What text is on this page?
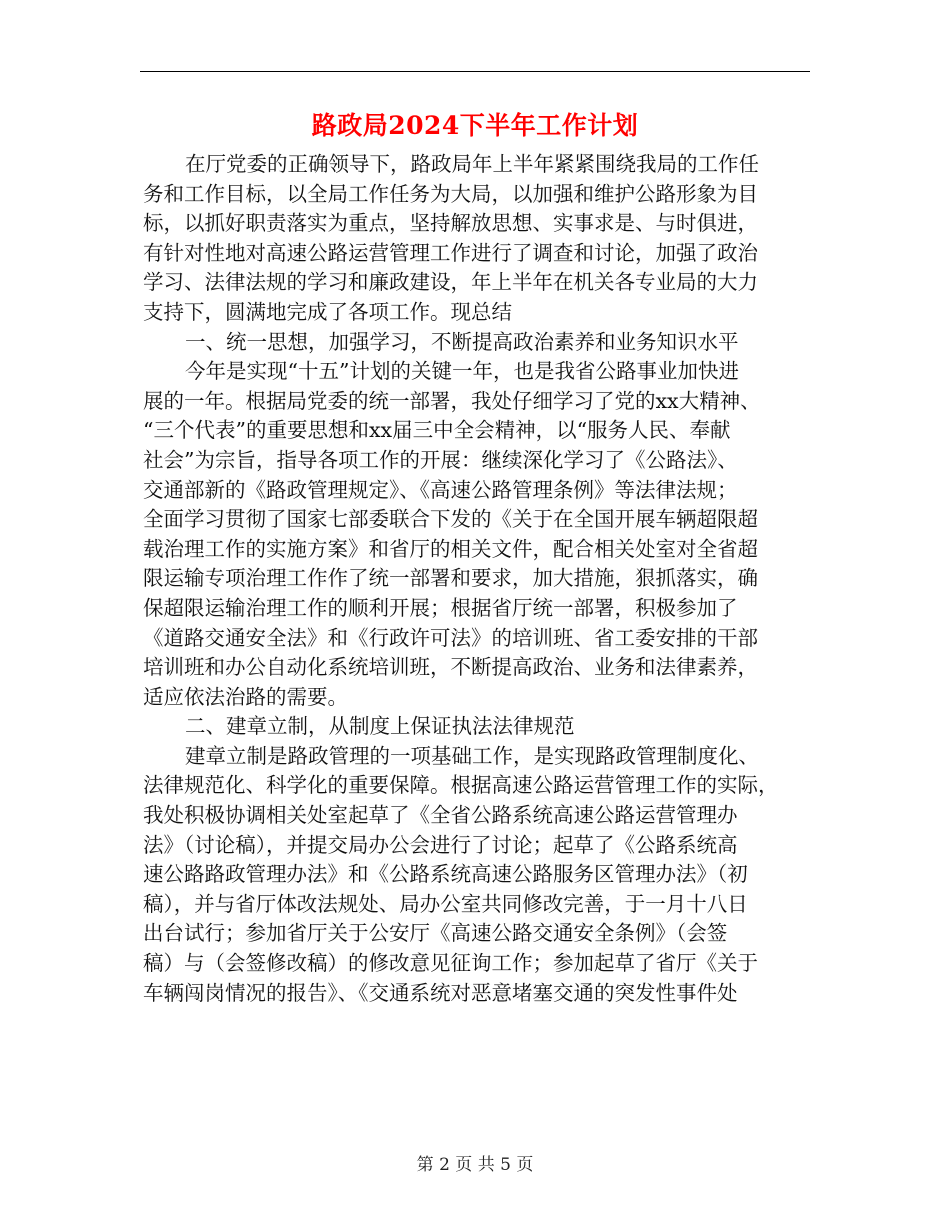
路政局2024下半年工作计划
在厅党委的正确领导下，路政局年上半年紧紧围绕我局的工作任
务和工作目标，以全局工作任务为大局，以加强和维护公路形象为目
标，以抓好职责落实为重点，坚持解放思想、实事求是、与时俱进，
有针对性地对高速公路运营管理工作进行了调查和讨论，加强了政治
学习、法律法规的学习和廉政建设，年上半年在机关各专业局的大力
支持下，圆满地完成了各项工作。现总结
一、统一思想，加强学习，不断提高政治素养和业务知识水平
今年是实现“十五”计划的关键一年，也是我省公路事业加快进
展的一年。根据局党委的统一部署，我处仔细学习了党的xx大精神、
“三个代表”的重要思想和xx届三中全会精神，以“服务人民、奉献
社会”为宗旨，指导各项工作的开展：继续深化学习了《公路法》、
交通部新的《路政管理规定》、《高速公路管理条例》等法律法规；
全面学习贯彻了国家七部委联合下发的《关于在全国开展车辆超限超
载治理工作的实施方案》和省厅的相关文件，配合相关处室对全省超
限运输专项治理工作作了统一部署和要求，加大措施，狠抓落实，确
保超限运输治理工作的顺利开展；根据省厅统一部署，积极参加了
《道路交通安全法》和《行政许可法》的培训班、省工委安排的干部
培训班和办公自动化系统培训班，不断提高政治、业务和法律素养，
适应依法治路的需要。
二、建章立制，从制度上保证执法法律规范
建章立制是路政管理的一项基础工作，是实现路政管理制度化、
法律规范化、科学化的重要保障。根据高速公路运营管理工作的实际，
我处积极协调相关处室起草了《全省公路系统高速公路运营管理办
法》（讨论稿），并提交局办公会进行了讨论；起草了《公路系统高
速公路路政管理办法》和《公路系统高速公路服务区管理办法》（初
稿），并与省厅体改法规处、局办公室共同修改完善，于一月十八日
出台试行；参加省厅关于公安厅《高速公路交通安全条例》（会签
稿）与（会签修改稿）的修改意见征询工作；参加起草了省厅《关于
车辆闯岗情况的报告》、《交通系统对恶意堵塞交通的突发性事件处
第 2 页 共 5 页
